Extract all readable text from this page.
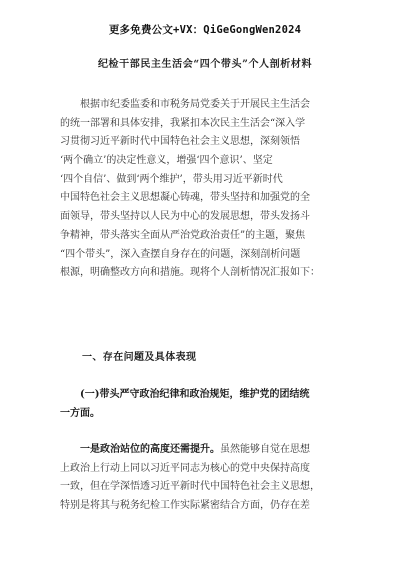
更多免费公文+VX：QiGeGongWen2024
纪检干部民主生活会“四个带头”个人剖析材料
根据市纪委监委和市税务局党委关于开展民主生活会
的统一部署和具体安排，我紧扣本次民主生活会“深入学
习贯彻习近平新时代中国特色社会主义思想，深刻领悟
‘两个确立’的决定性意义，增强‘四个意识’、坚定
‘四个自信’、做到‘两个维护’，带头用习近平新时代
中国特色社会主义思想凝心铸魂，带头坚持和加强党的全
面领导，带头坚持以人民为中心的发展思想，带头发扬斗
争精神，带头落实全面从严治党政治责任”的主题，聚焦
“四个带头”，深入查摆自身存在的问题，深刻剖析问题
根源，明确整改方向和措施。现将个人剖析情况汇报如下：
一、存在问题及具体表现
(一)带头严守政治纪律和政治规矩，维护党的团结统
一方面。
一是政治站位的高度还需提升。虽然能够自觉在思想
上政治上行动上同以习近平同志为核心的党中央保持高度
一致，但在学深悟透习近平新时代中国特色社会主义思想，
特别是将其与税务纪检工作实际紧密结合方面，仍存在差
